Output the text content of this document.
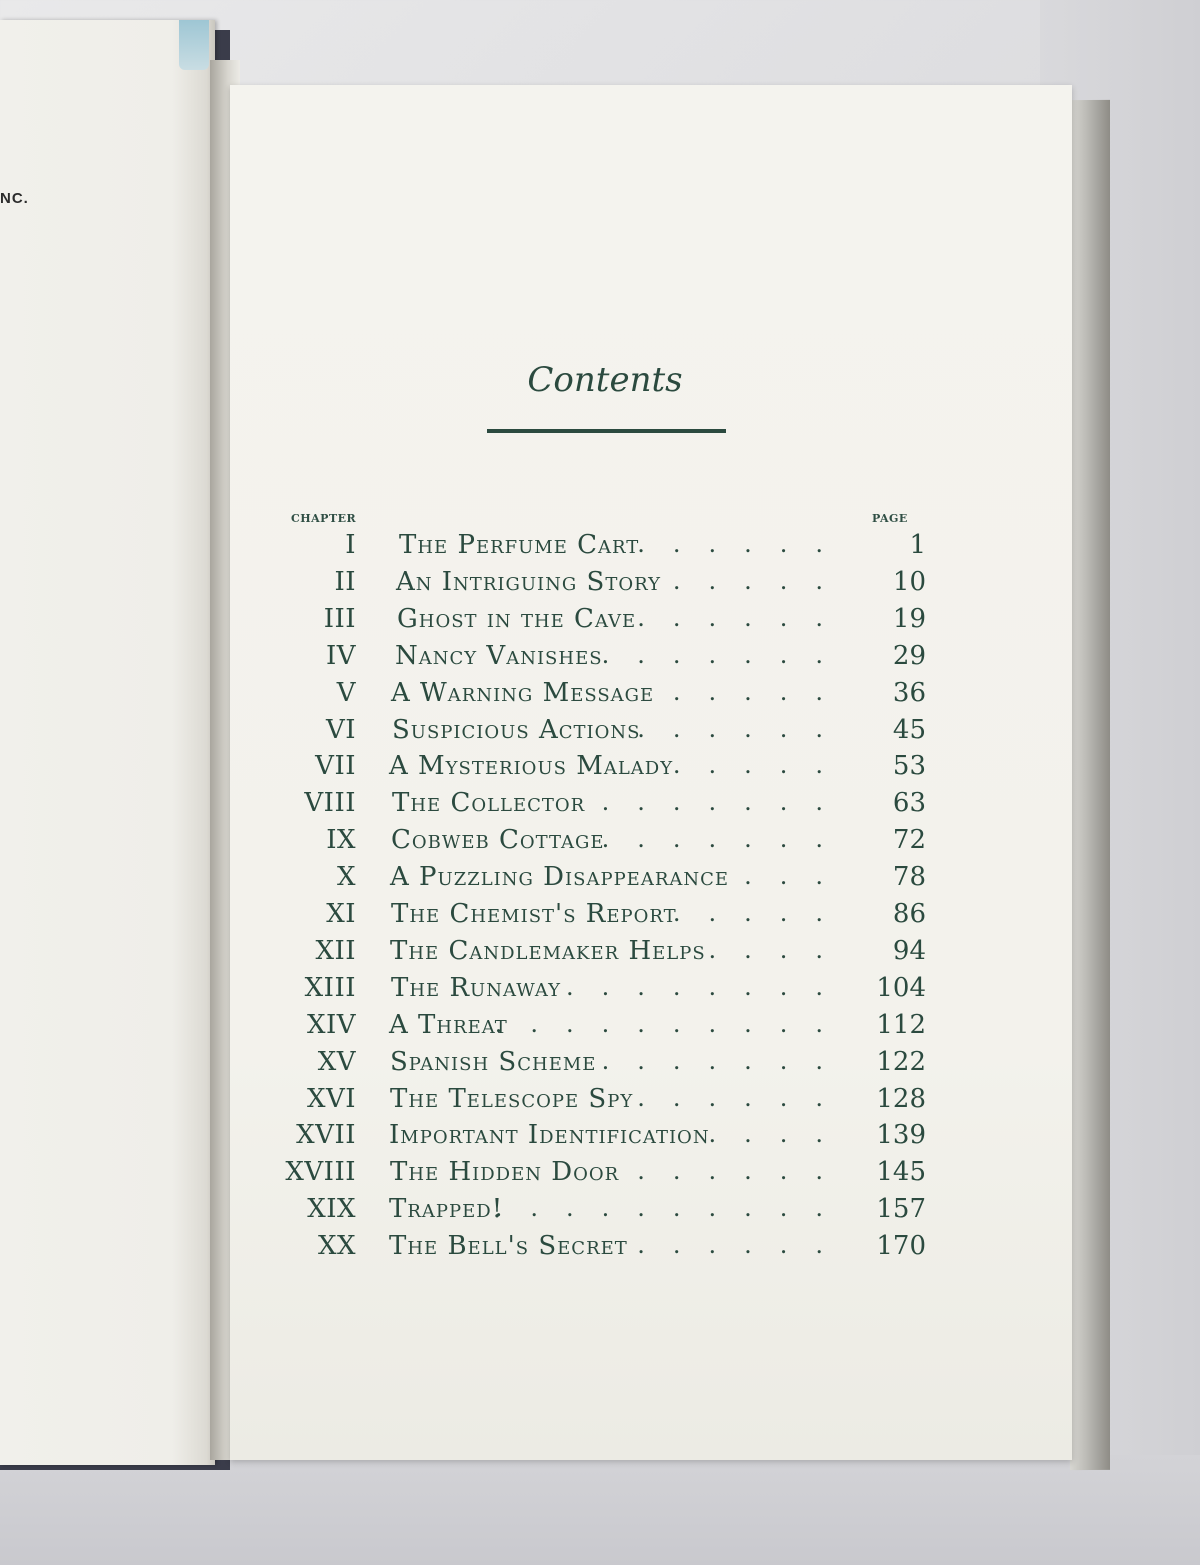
NC.
Contents
CHAPTER	PAGE
I The Perfume Cart	1
......
II An Intriguing Story	10
.....
III Ghost in the Cave	19
......
IV Nancy Vanishes	29
.......
V A Warning Message	36
.....
VI Suspicious Actions	45
......
VII A Mysterious Malady	53
.....
VIII The Collector	63
.......
IX Cobweb Cottage	72
.......
X A Puzzling Disappearance	78
...
XI The Chemist's Report	86
.....
XII The Candlemaker Helps	94
....
XIII The Runaway	104
........
XIV A Threat	112
..........
XV Spanish Scheme	122
.......
XVI The Telescope Spy	128
......
XVII Important Identification	139
....
XVIII The Hidden Door	145
......
XIX Trapped!	157
..........
XX The Bell's Secret	170
......
